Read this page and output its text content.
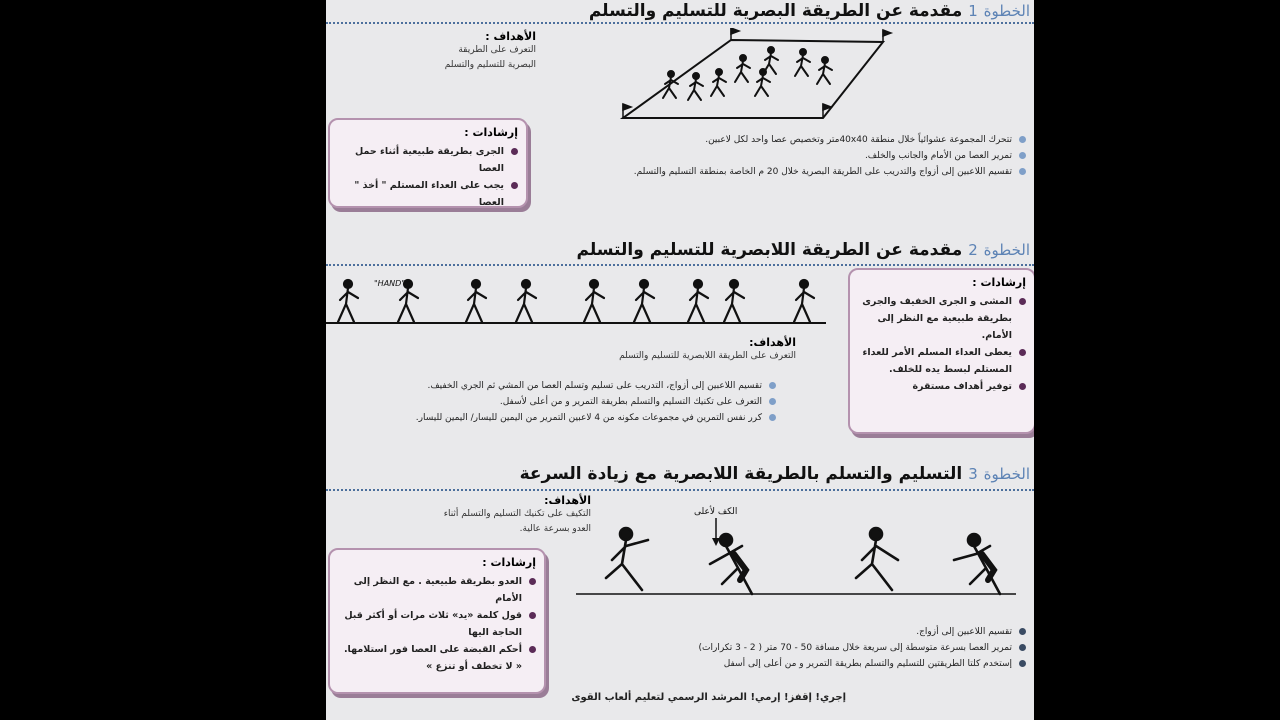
الخطوة 1 مقدمة عن الطريقة البصرية للتسليم والتسلم
الأهداف :
التعرف على الطريقة البصرية للتسليم والتسلم
إرشادات :
الجرى بطريقة طبيعية أثناء حمل العصا
يجب على العداء المستلم " أخذ " العصا
تتحرك المجموعة عشوائياً خلال منطقة 40x40متر وتخصيص عصا واحد لكل لاعبين.
تمرير العصا من الأمام والجانب والخلف.
تقسيم اللاعبين إلى أزواج والتدريب على الطريقة البصرية خلال 20 م الخاصة بمنطقة التسليم والتسلم.
الخطوة 2 مقدمة عن الطريقة اللابصرية للتسليم والتسلم
"HAND"
الأهداف:
التعرف على الطريقة اللابصرية للتسليم والتسلم
تقسيم اللاعبين إلى أزواج، التدريب على تسليم وتسلم العصا من المشي ثم الجري الخفيف.
التعرف على تكنيك التسليم والتسلم بطريقة التمرير و من أعلى لأسفل.
كرر نفس التمرين في مجموعات مكونه من 4 لاعبين التمرير من اليمين لليسار/ اليمين لليسار.
إرشادات :
المشى و الجرى الخفيف والجرى بطريقة طبيعية مع النظر إلى الأمام.
يعطى العداء المسلم الأمر للعداء المستلم لبسط يده للخلف.
توفير أهداف مستقرة
الخطوة 3 التسليم والتسلم بالطريقة اللابصرية مع زيادة السرعة
الأهداف:
التكيف على تكنيك التسليم والتسلم أثناء العدو بسرعة عالية.
الكف لأعلى
إرشادات :
العدو بطريقة طبيعية . مع النظر إلى الأمام
قول كلمة «يد» ثلاث مرات أو أكثر قبل الحاجة اليها
أحكم القبضة على العصا فور استلامها. « لا تخطف أو تنزع »
تقسيم اللاعبين إلى أزواج.
تمرير العصا بسرعة متوسطة إلى سريعة خلال مسافة 50 - 70 متر ( 2 - 3 تكرارات)
إستخدم كلتا الطريقتين للتسليم والتسلم بطريقة التمرير و من أعلى إلى أسفل
إجري! إقفز! إرمي! المرشد الرسمي لتعليم ألعاب القوى
